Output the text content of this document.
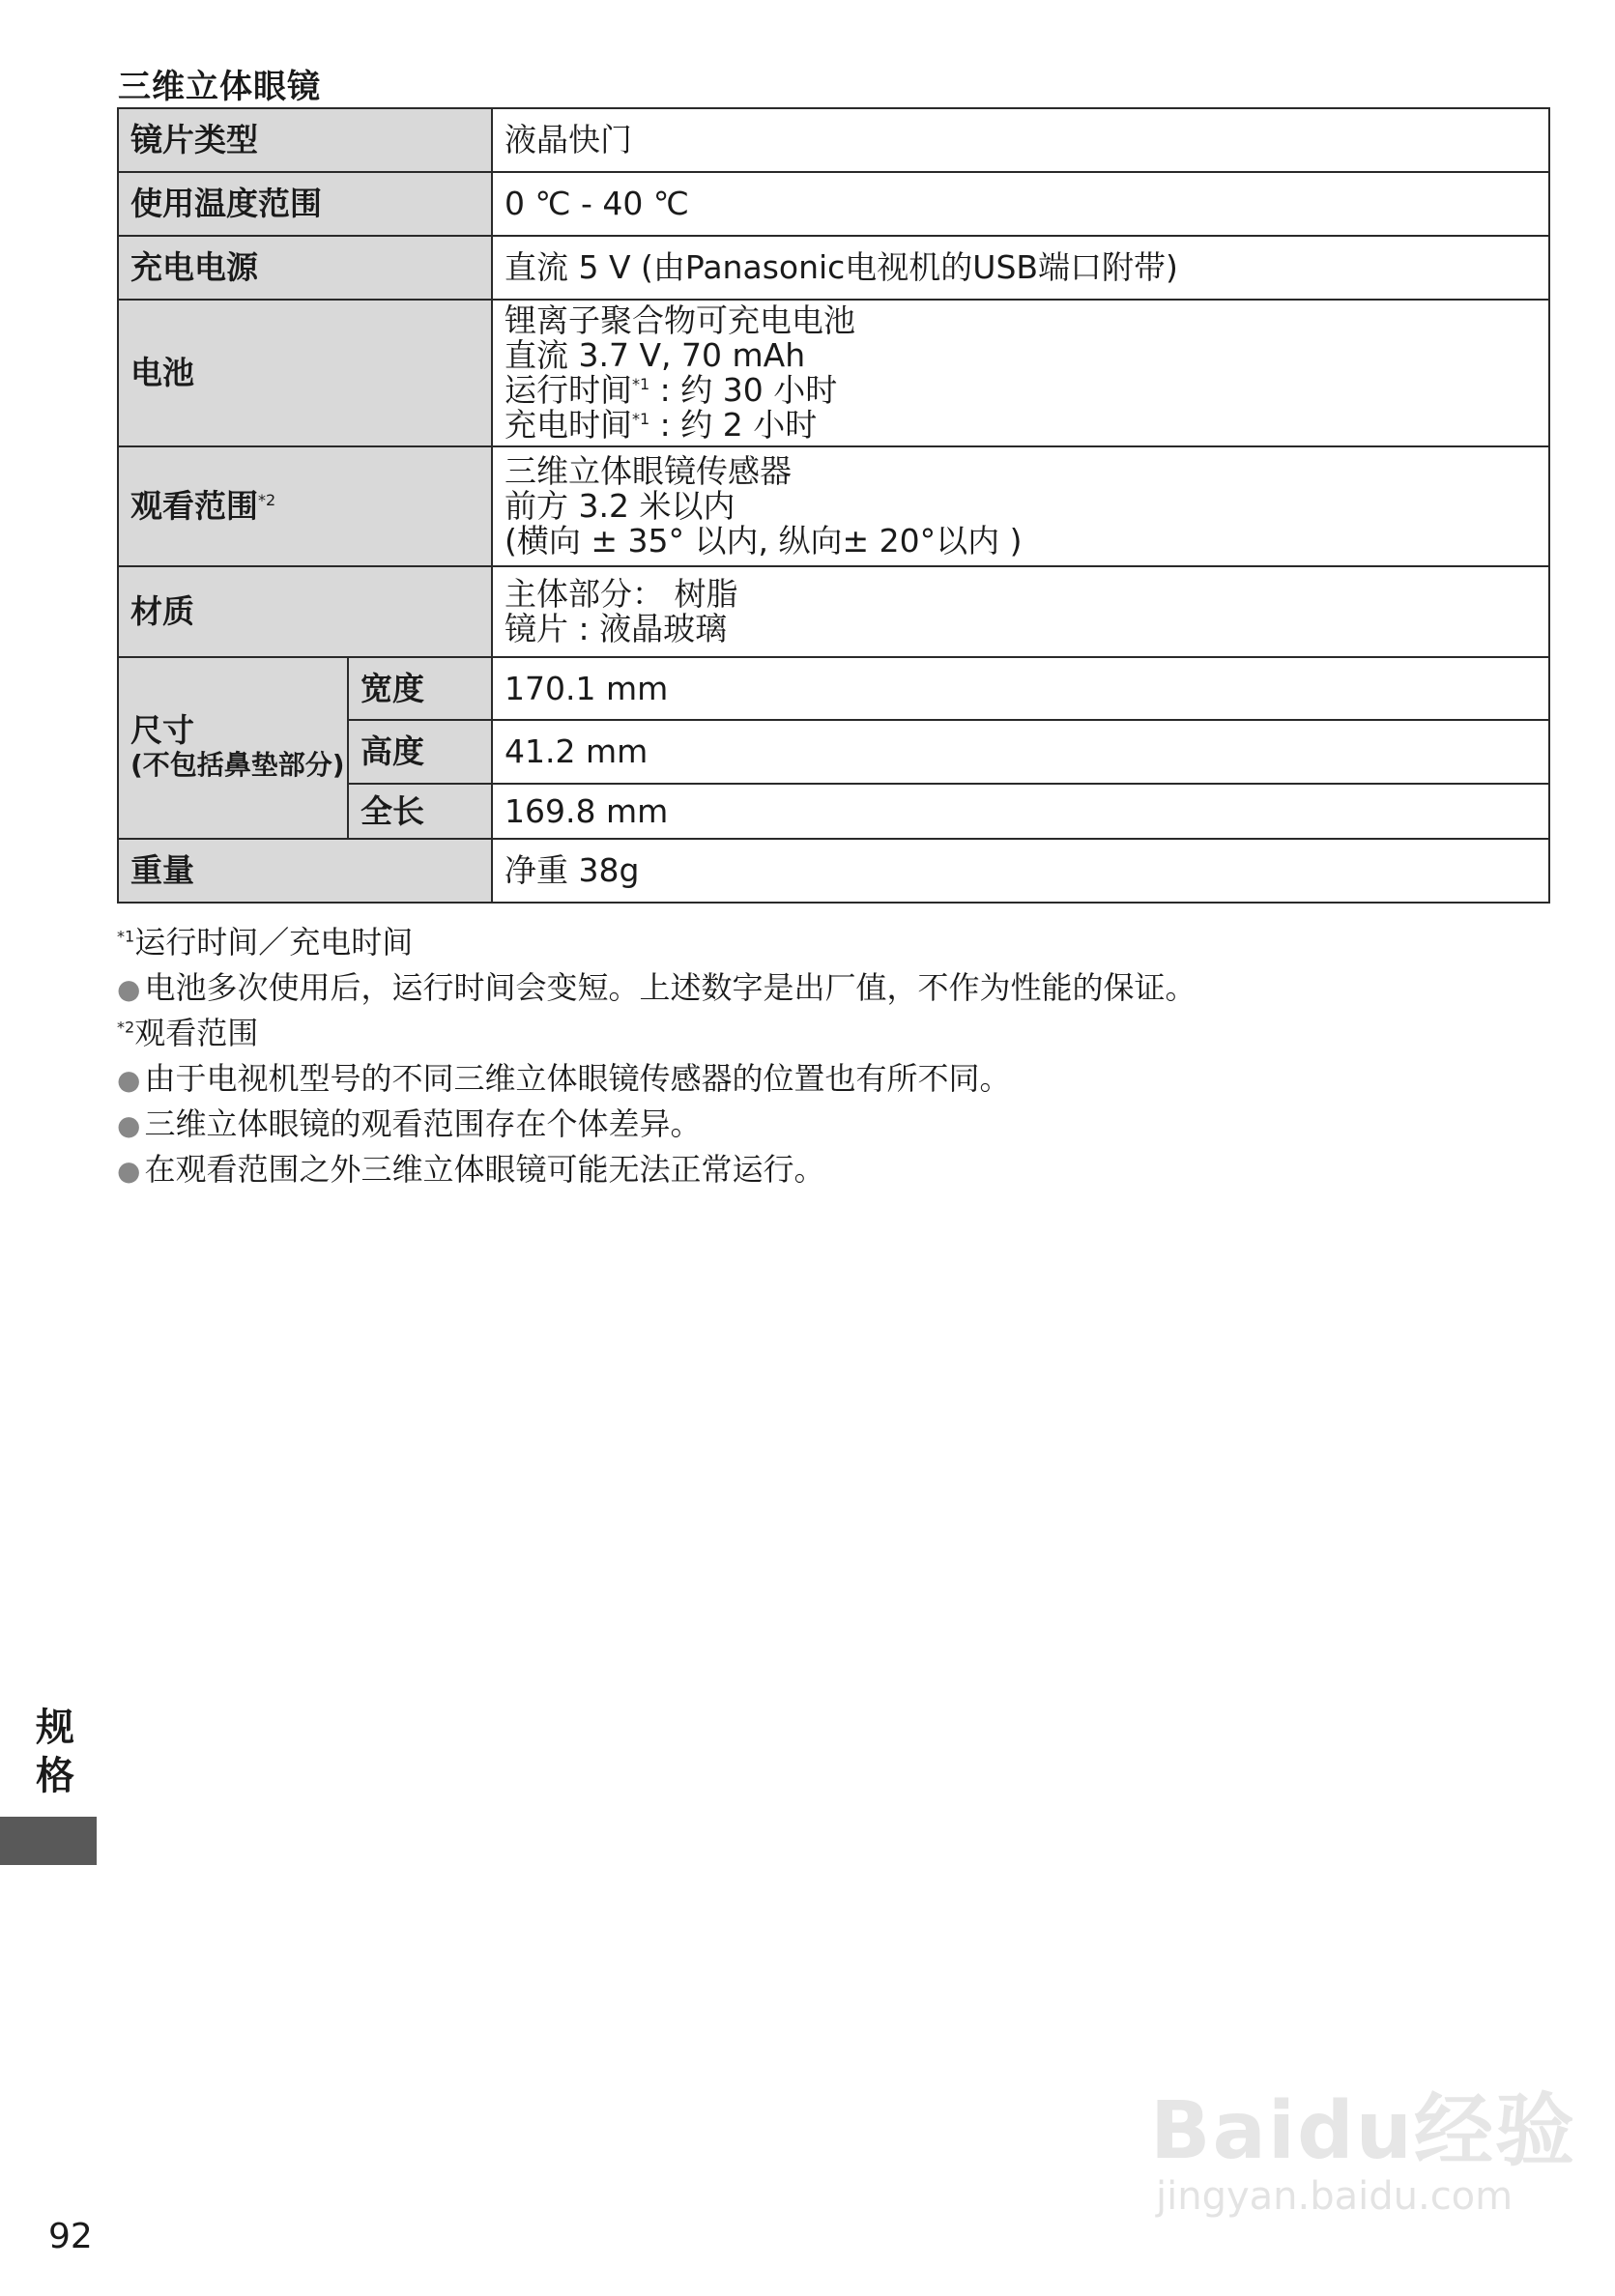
三维立体眼镜
镜片类型		液晶快门
使用温度范围		0 ℃ - 40 ℃
充电电源		直流 5 V (由Panasonic电视机的USB端口附带)
电池		锂离子聚合物可充电电池
直流 3.7 V, 70 mAh
运行时间$^{*1}$ : 约 30 小时
充电时间$^{*1}$ : 约 2 小时

观看范围$^{*2}$		三维立体眼镜传感器
前方 3.2 米以内
(横向 ± 35° 以内, 纵向± 20°以内 )

材质		主体部分： 树脂
镜片 : 液晶玻璃

尺寸
(不包括鼻垫部分)	宽度	170.1 mm
	高度	41.2 mm
	全长	169.8 mm
重量		净重 38g
$^{*1}$运行时间／充电时间
● 电池多次使用后，运行时间会变短。上述数字是出厂值，不作为性能的保证。
$^{*2}$观看范围
● 由于电视机型号的不同三维立体眼镜传感器的位置也有所不同。
● 三维立体眼镜的观看范围存在个体差异。
● 在观看范围之外三维立体眼镜可能无法正常运行。
规
格
92
Baidu经验
jingyan.baidu.com
